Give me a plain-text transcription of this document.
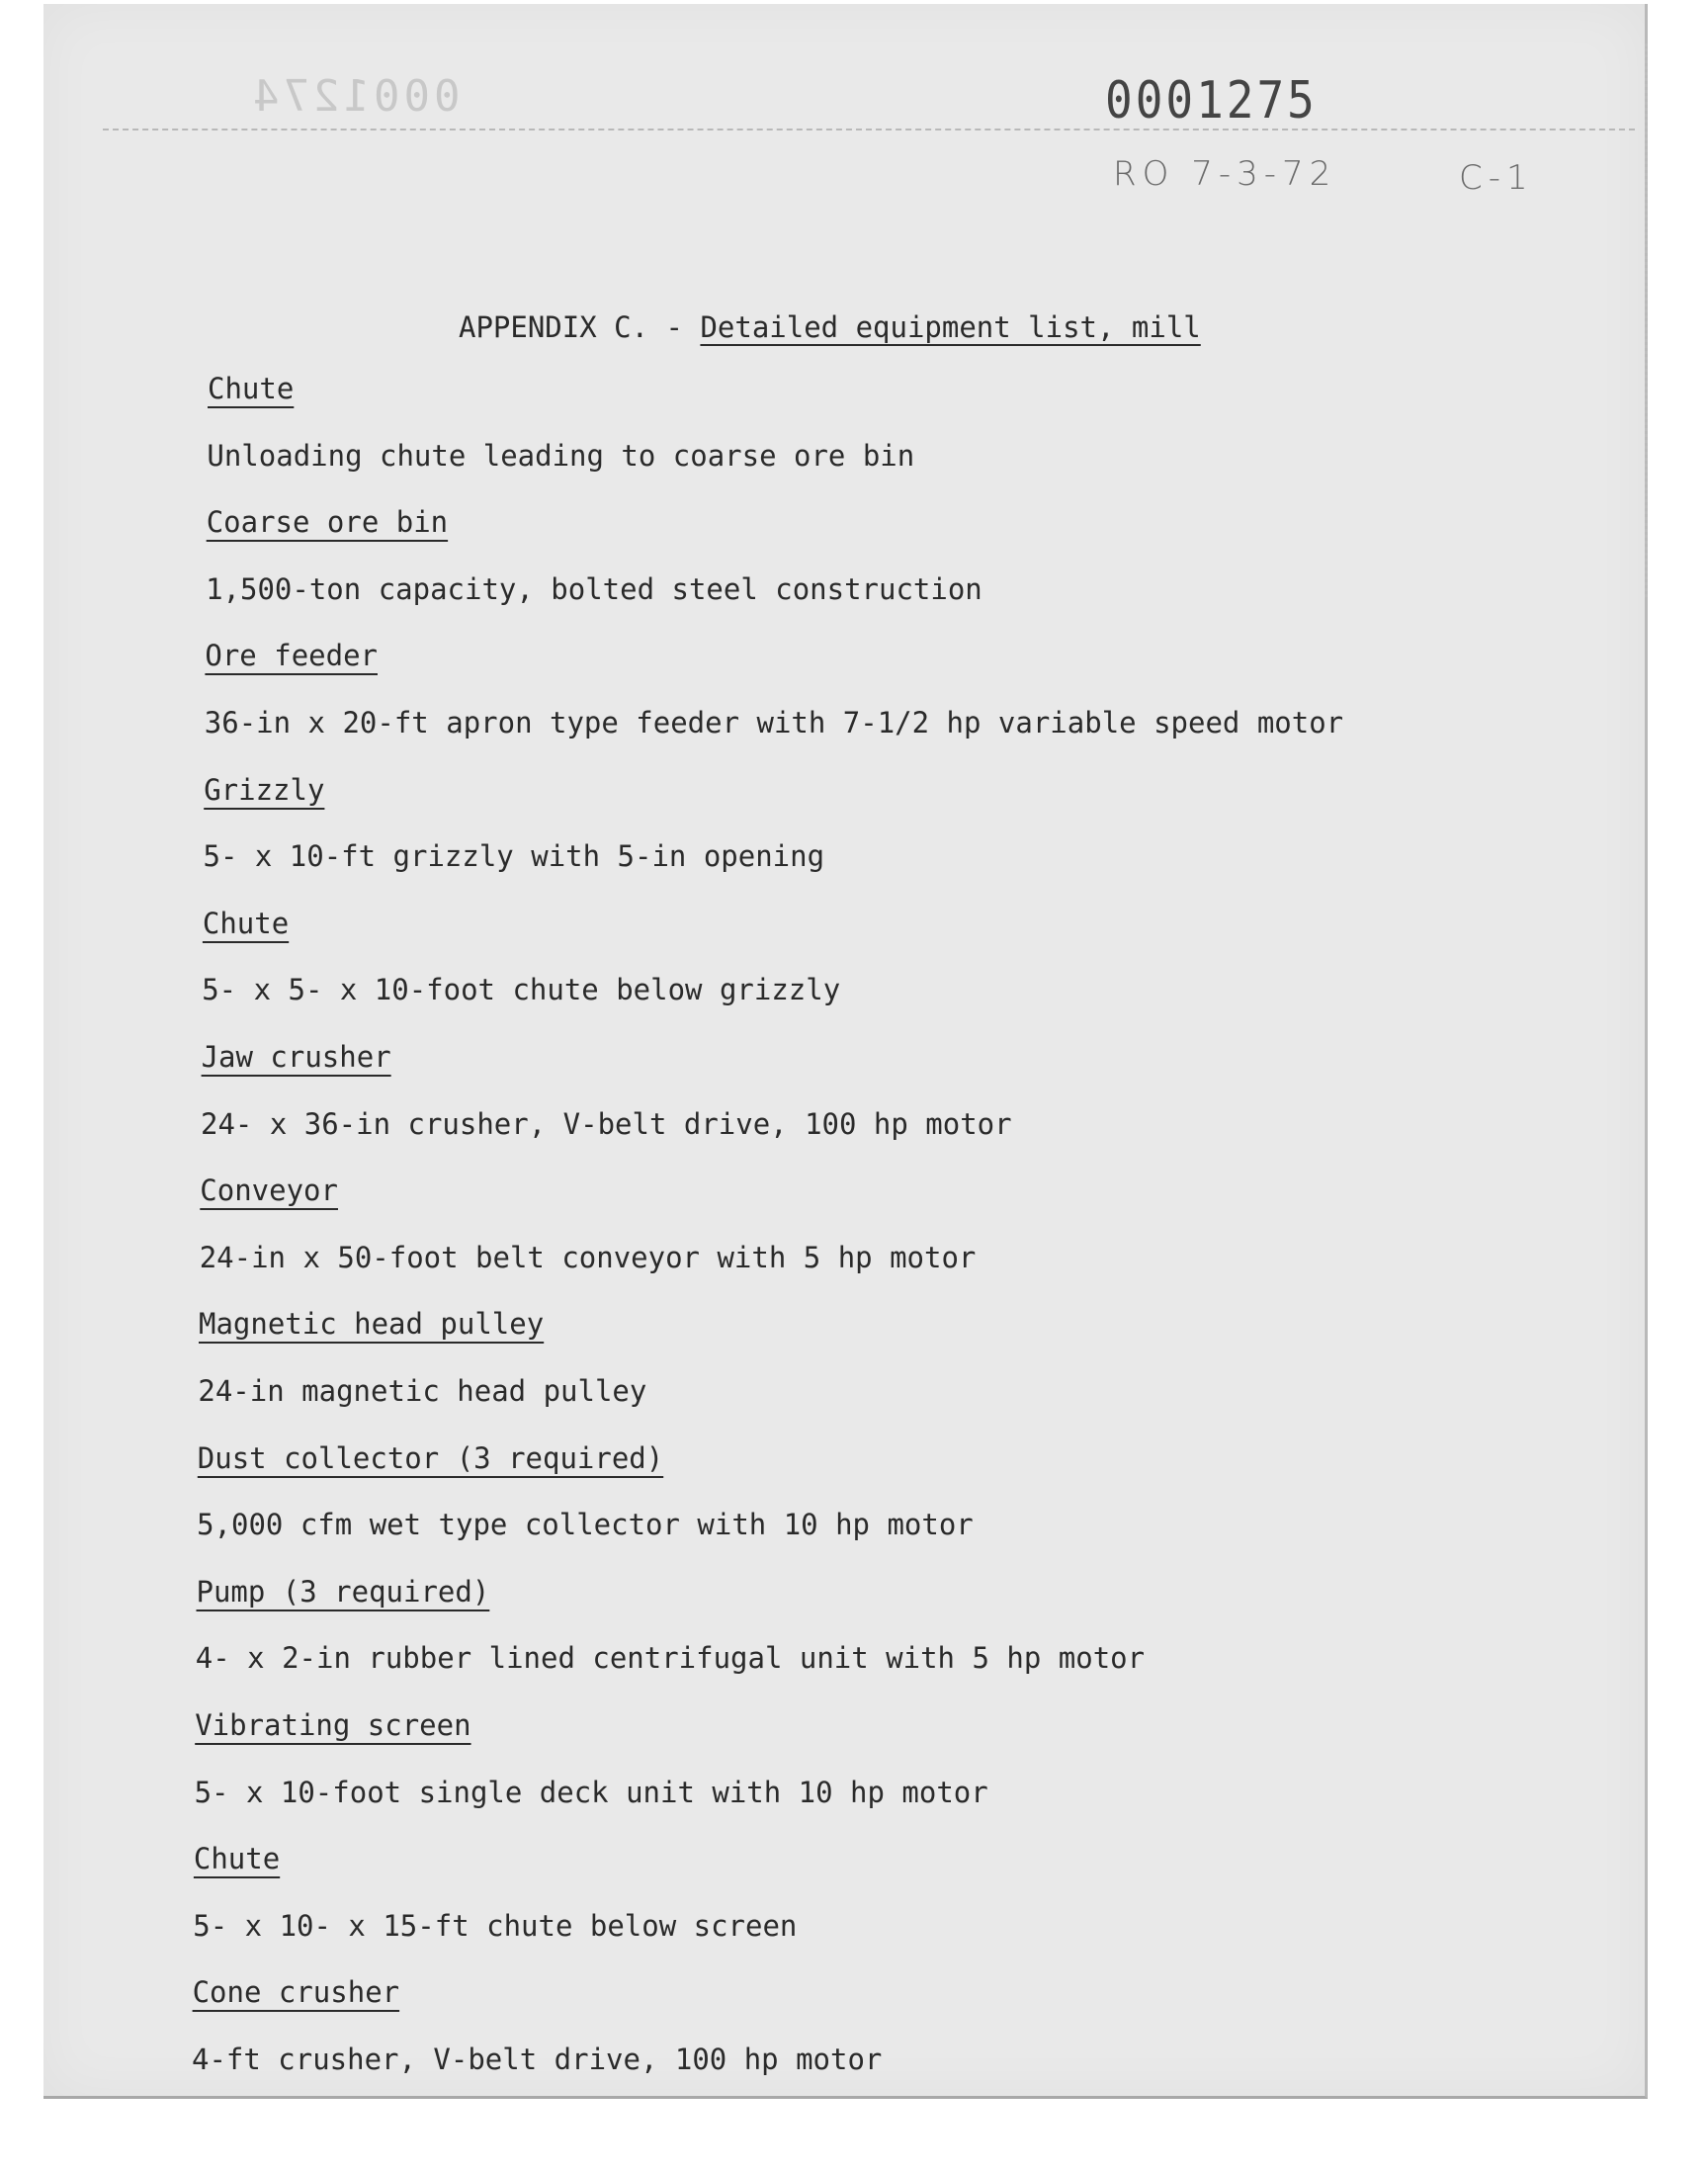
0001274	0001275
RO 7-3-72	C-1
APPENDIX C. - Detailed equipment list, mill
Chute
Unloading chute leading to coarse ore bin
Coarse ore bin
1,500-ton capacity, bolted steel construction
Ore feeder
36-in x 20-ft apron type feeder with 7-1/2 hp variable speed motor
Grizzly
5- x 10-ft grizzly with 5-in opening
Chute
5- x 5- x 10-foot chute below grizzly
Jaw crusher
24- x 36-in crusher, V-belt drive, 100 hp motor
Conveyor
24-in x 50-foot belt conveyor with 5 hp motor
Magnetic head pulley
24-in magnetic head pulley
Dust collector (3 required)
5,000 cfm wet type collector with 10 hp motor
Pump (3 required)
4- x 2-in rubber lined centrifugal unit with 5 hp motor
Vibrating screen
5- x 10-foot single deck unit with 10 hp motor
Chute
5- x 10- x 15-ft chute below screen
Cone crusher
4-ft crusher, V-belt drive, 100 hp motor
